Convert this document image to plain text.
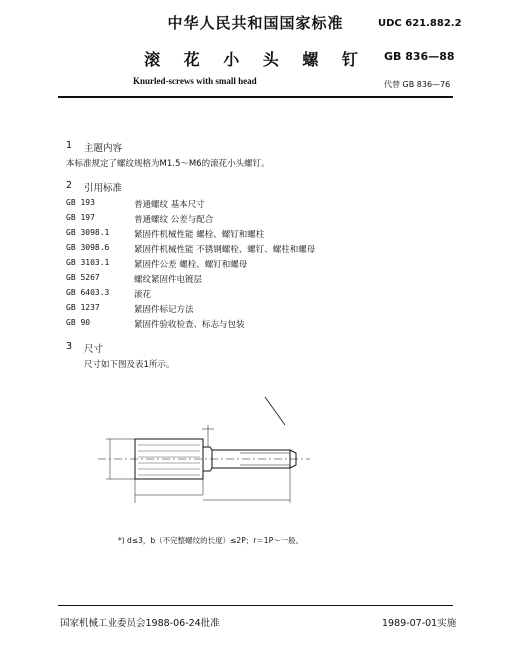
中华人民共和国国家标准	UDC 621.882.2
滚 花 小 头 螺 钉	GB 836—88
Knurled-screws with small head	代替 GB 836—76
1 主题内容
本标准规定了螺纹规格为M1.5～M6的滚花小头螺钉。
2 引用标准
GB 193	普通螺纹 基本尺寸
GB 197	普通螺纹 公差与配合
GB 3098.1	紧固件机械性能 螺栓、螺钉和螺柱
GB 3098.6	紧固件机械性能 不锈钢螺栓、螺钉、螺柱和螺母
GB 3103.1	紧固件公差 螺栓、螺钉和螺母
GB 5267	螺纹紧固件电镀层
GB 6403.3	滚花
GB 1237	紧固件标记方法
GB 90	紧固件验收检查、标志与包装
3 尺寸
尺寸如下图及表1所示。
*) d≤3，b（不完整螺纹的长度）≤2P；r＝1P～一般。
国家机械工业委员会1988-06-24批准	1989-07-01实施
